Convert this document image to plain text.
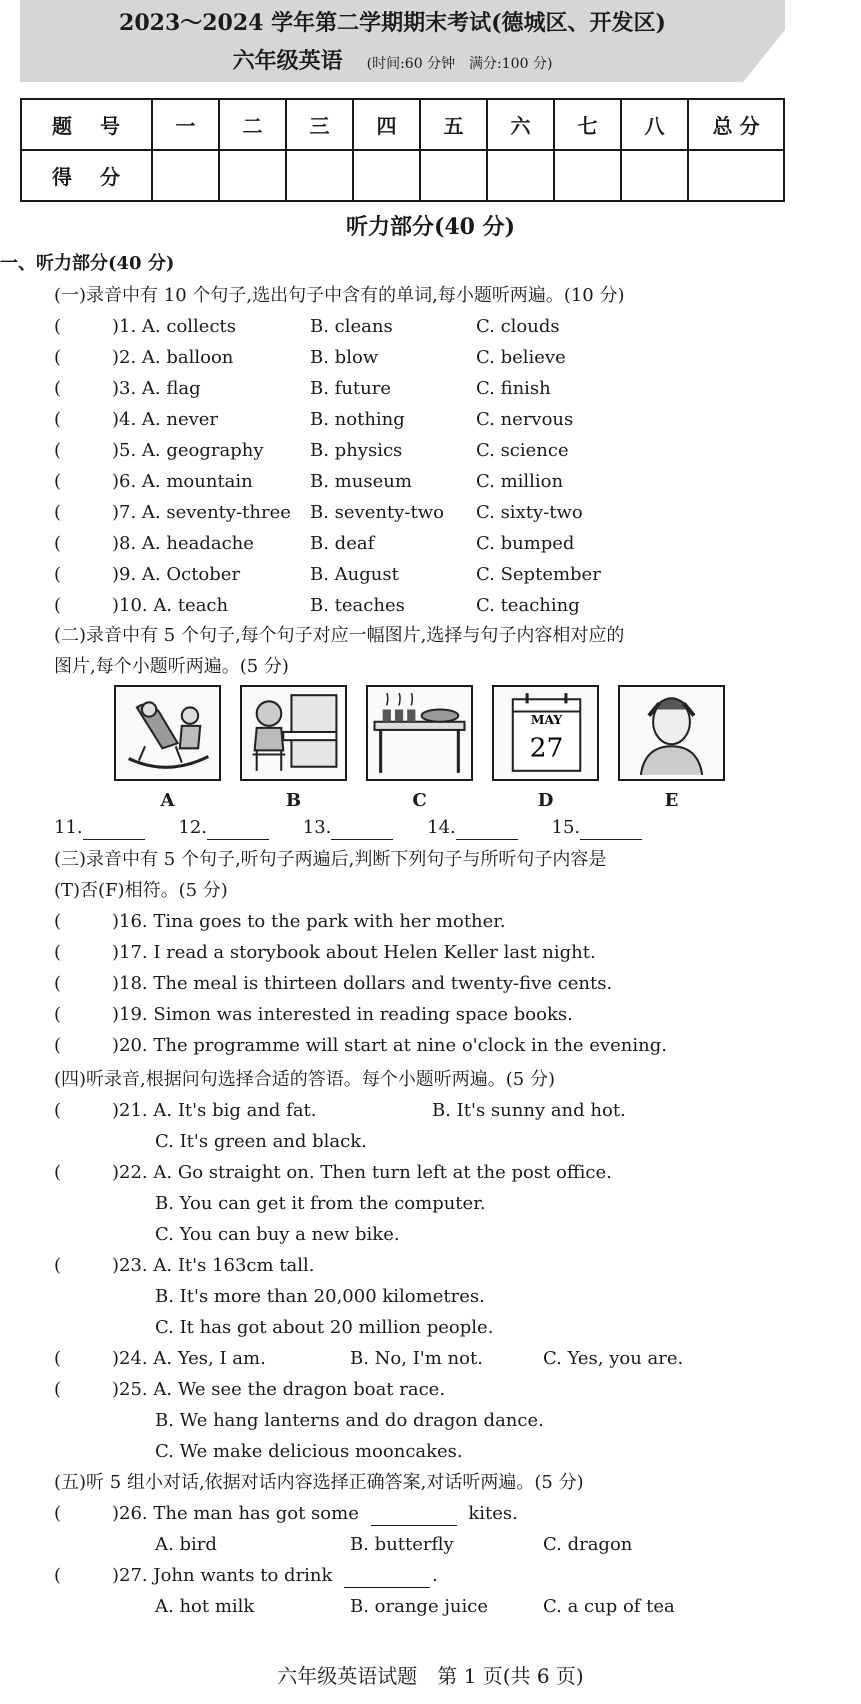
2023～2024 学年第二学期期末考试(德城区、开发区)
六年级英语 (时间:60 分钟　满分:100 分)
题号	一	二	三	四	五	六	七	八	总 分
得分									
听力部分(40 分)
一、听力部分(40 分)
(一)录音中有 10 个句子,选出句子中含有的单词,每小题听两遍。(10 分)
(	)1. A. collects	B. cleans	C. clouds
(	)2. A. balloon	B. blow	C. believe
(	)3. A. flag	B. future	C. finish
(	)4. A. never	B. nothing	C. nervous
(	)5. A. geography	B. physics	C. science
(	)6. A. mountain	B. museum	C. million
(	)7. A. seventy-three B. seventy-two C. sixty-two
(	)8. A. headache	B. deaf	C. bumped
(	)9. A. October	B. August	C. September
(	)10. A. teach	B. teaches	C. teaching
(二)录音中有 5 个句子,每个句子对应一幅图片,选择与句子内容相对应的
图片,每个小题听两遍。(5 分)
MAY
27
A	B	C	D	E
11.	12.	13.	14.	15.
(三)录音中有 5 个句子,听句子两遍后,判断下列句子与所听句子内容是
(T)否(F)相符。(5 分)
(	)16. Tina goes to the park with her mother.
(	)17. I read a storybook about Helen Keller last night.
(	)18. The meal is thirteen dollars and twenty-five cents.
(	)19. Simon was interested in reading space books.
(	)20. The programme will start at nine o'clock in the evening.
(四)听录音,根据问句选择合适的答语。每个小题听两遍。(5 分)
(	)21. A. It's big and fat.	B. It's sunny and hot.
C. It's green and black.
(	)22. A. Go straight on. Then turn left at the post office.
B. You can get it from the computer.
C. You can buy a new bike.
(	)23. A. It's 163cm tall.
B. It's more than 20,000 kilometres.
C. It has got about 20 million people.
(	)24. A. Yes, I am.	B. No, I'm not.	C. Yes, you are.
(	)25. A. We see the dragon boat race.
B. We hang lanterns and do dragon dance.
C. We make delicious mooncakes.
(五)听 5 组小对话,依据对话内容选择正确答案,对话听两遍。(5 分)
(	)26. The man has got some	kites.
A. bird	B. butterfly	C. dragon
(	)27. John wants to drink	.
A. hot milk	B. orange juice	C. a cup of tea
六年级英语试题　第 1 页(共 6 页)
